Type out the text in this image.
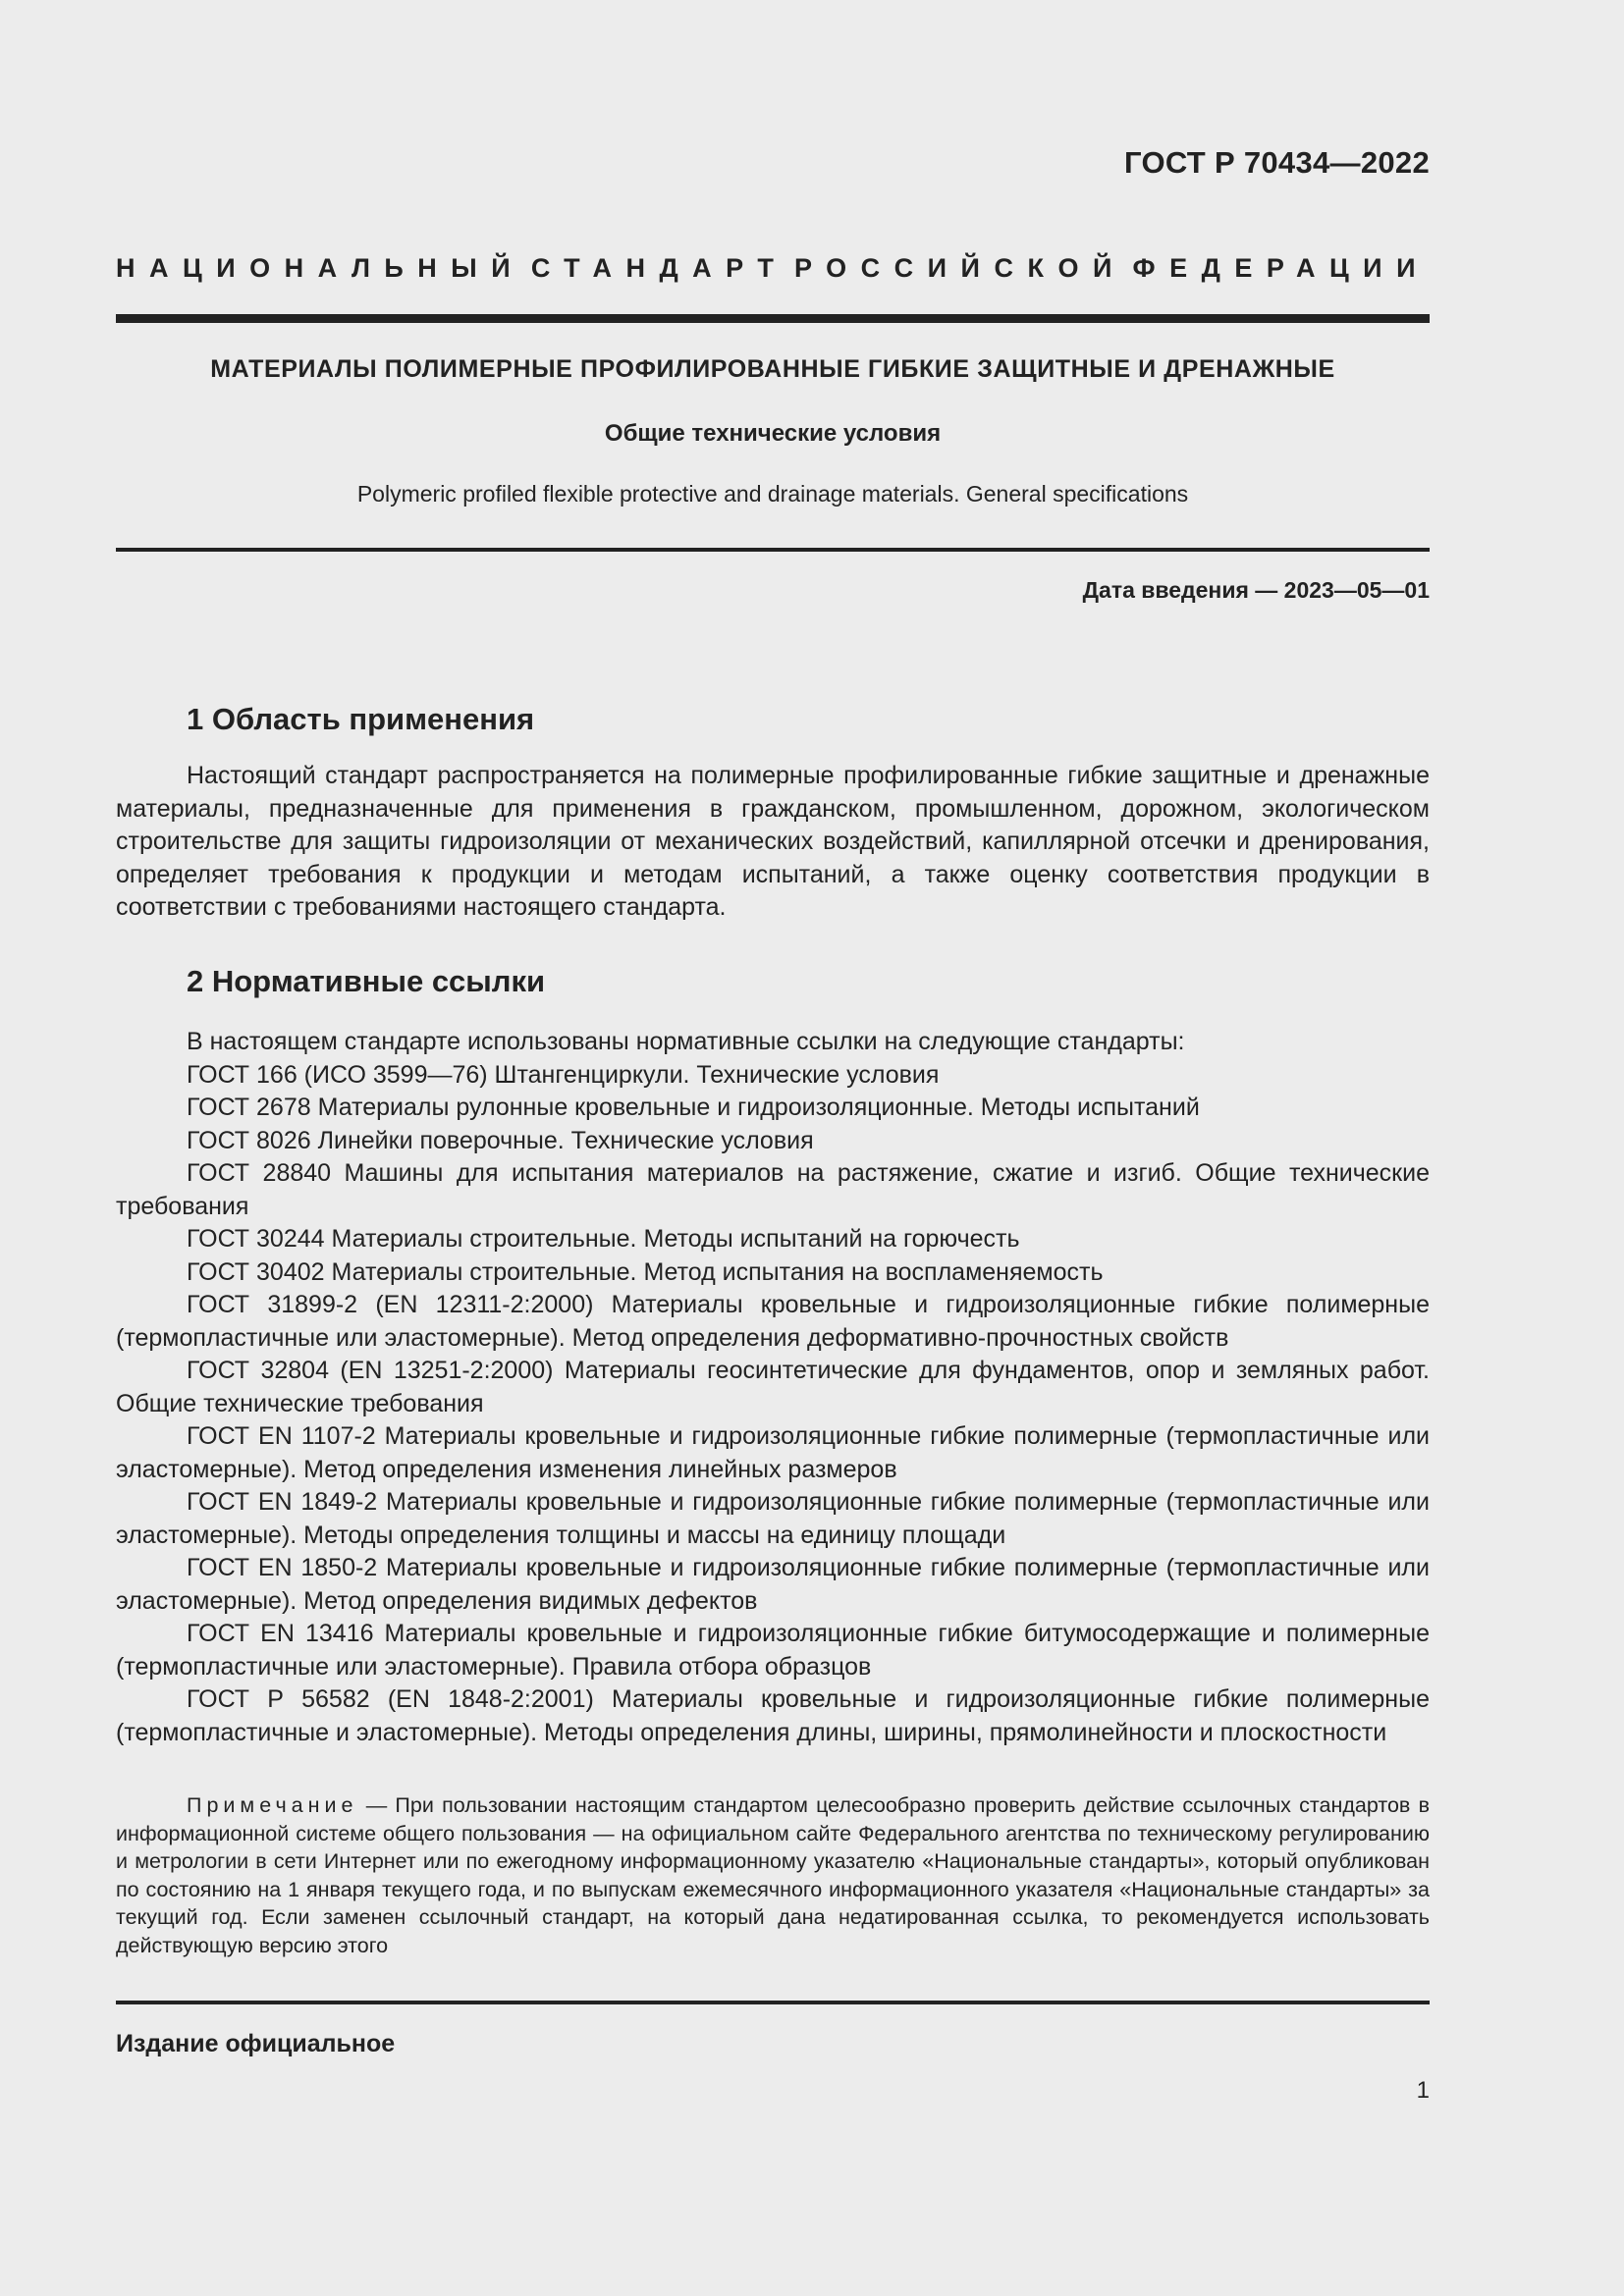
ГОСТ Р 70434—2022
НАЦИОНАЛЬНЫЙ СТАНДАРТ РОССИЙСКОЙ ФЕДЕРАЦИИ
МАТЕРИАЛЫ ПОЛИМЕРНЫЕ ПРОФИЛИРОВАННЫЕ ГИБКИЕ ЗАЩИТНЫЕ И ДРЕНАЖНЫЕ
Общие технические условия
Polymeric profiled flexible protective and drainage materials. General specifications
Дата введения — 2023—05—01
1 Область применения

Настоящий стандарт распространяется на полимерные профилированные гибкие защитные и дренажные материалы, предназначенные для применения в гражданском, промышленном, дорожном, экологическом строительстве для защиты гидроизоляции от механических воздействий, капиллярной отсечки и дренирования, определяет требования к продукции и методам испытаний, а также оценку соответствия продукции в соответствии с требованиями настоящего стандарта.

2 Нормативные ссылки

В настоящем стандарте использованы нормативные ссылки на следующие стандарты:

ГОСТ 166 (ИСО 3599—76) Штангенциркули. Технические условия

ГОСТ 2678 Материалы рулонные кровельные и гидроизоляционные. Методы испытаний

ГОСТ 8026 Линейки поверочные. Технические условия

ГОСТ 28840 Машины для испытания материалов на растяжение, сжатие и изгиб. Общие технические требования

ГОСТ 30244 Материалы строительные. Методы испытаний на горючесть

ГОСТ 30402 Материалы строительные. Метод испытания на воспламеняемость

ГОСТ 31899-2 (EN 12311-2:2000) Материалы кровельные и гидроизоляционные гибкие полимерные (термопластичные или эластомерные). Метод определения деформативно-прочностных свойств

ГОСТ 32804 (EN 13251-2:2000) Материалы геосинтетические для фундаментов, опор и земляных работ. Общие технические требования

ГОСТ EN 1107-2 Материалы кровельные и гидроизоляционные гибкие полимерные (термопластичные или эластомерные). Метод определения изменения линейных размеров

ГОСТ EN 1849-2 Материалы кровельные и гидроизоляционные гибкие полимерные (термопластичные или эластомерные). Методы определения толщины и массы на единицу площади

ГОСТ EN 1850-2 Материалы кровельные и гидроизоляционные гибкие полимерные (термопластичные или эластомерные). Метод определения видимых дефектов

ГОСТ EN 13416 Материалы кровельные и гидроизоляционные гибкие битумосодержащие и полимерные (термопластичные или эластомерные). Правила отбора образцов

ГОСТ Р 56582 (EN 1848-2:2001) Материалы кровельные и гидроизоляционные гибкие полимерные (термопластичные и эластомерные). Методы определения длины, ширины, прямолинейности и плоскостности

Примечание — При пользовании настоящим стандартом целесообразно проверить действие ссылочных стандартов в информационной системе общего пользования — на официальном сайте Федерального агентства по техническому регулированию и метрологии в сети Интернет или по ежегодному информационному указателю «Национальные стандарты», который опубликован по состоянию на 1 января текущего года, и по выпускам ежемесячного информационного указателя «Национальные стандарты» за текущий год. Если заменен ссылочный стандарт, на который дана недатированная ссылка, то рекомендуется использовать действующую версию этого

Издание официальное
1
